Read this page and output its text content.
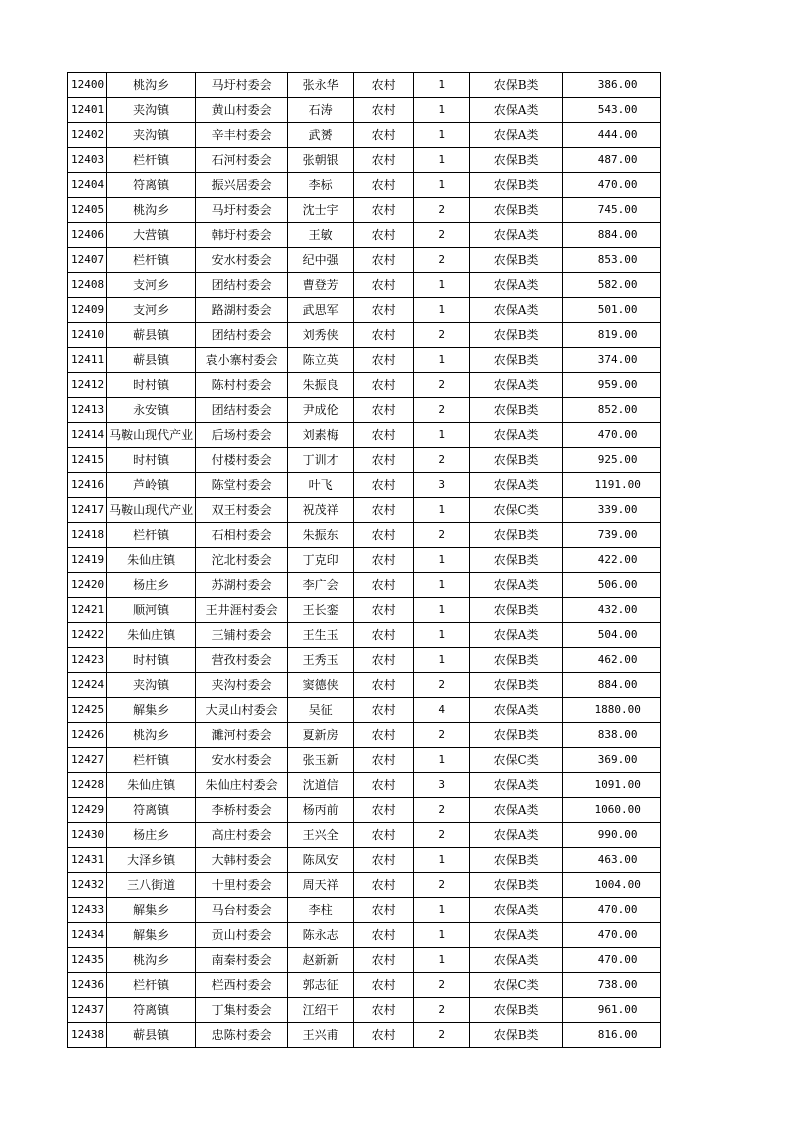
12400	桃沟乡	马圩村委会	张永华	农村	1	农保B类	386.00
12401	夹沟镇	黄山村委会	石涛	农村	1	农保A类	543.00
12402	夹沟镇	辛丰村委会	武赟	农村	1	农保A类	444.00
12403	栏杆镇	石河村委会	张朝银	农村	1	农保B类	487.00
12404	符离镇	振兴居委会	李标	农村	1	农保B类	470.00
12405	桃沟乡	马圩村委会	沈士宇	农村	2	农保B类	745.00
12406	大营镇	韩圩村委会	王敏	农村	2	农保A类	884.00
12407	栏杆镇	安水村委会	纪中强	农村	2	农保B类	853.00
12408	支河乡	团结村委会	曹登芳	农村	1	农保A类	582.00
12409	支河乡	路湖村委会	武思军	农村	1	农保A类	501.00
12410	蕲县镇	团结村委会	刘秀侠	农村	2	农保B类	819.00
12411	蕲县镇	袁小寨村委会	陈立英	农村	1	农保B类	374.00
12412	时村镇	陈村村委会	朱振良	农村	2	农保A类	959.00
12413	永安镇	团结村委会	尹成伦	农村	2	农保B类	852.00
12414	马鞍山现代产业	后场村委会	刘素梅	农村	1	农保A类	470.00
12415	时村镇	付楼村委会	丁训才	农村	2	农保B类	925.00
12416	芦岭镇	陈堂村委会	叶飞	农村	3	农保A类	1191.00
12417	马鞍山现代产业	双王村委会	祝茂祥	农村	1	农保C类	339.00
12418	栏杆镇	石相村委会	朱振东	农村	2	农保B类	739.00
12419	朱仙庄镇	沱北村委会	丁克印	农村	1	农保B类	422.00
12420	杨庄乡	苏湖村委会	李广会	农村	1	农保A类	506.00
12421	顺河镇	王井涯村委会	王长銮	农村	1	农保B类	432.00
12422	朱仙庄镇	三铺村委会	王生玉	农村	1	农保A类	504.00
12423	时村镇	营孜村委会	王秀玉	农村	1	农保B类	462.00
12424	夹沟镇	夹沟村委会	窦德侠	农村	2	农保B类	884.00
12425	解集乡	大灵山村委会	吴征	农村	4	农保A类	1880.00
12426	桃沟乡	濉河村委会	夏新房	农村	2	农保B类	838.00
12427	栏杆镇	安水村委会	张玉新	农村	1	农保C类	369.00
12428	朱仙庄镇	朱仙庄村委会	沈道信	农村	3	农保A类	1091.00
12429	符离镇	李桥村委会	杨丙前	农村	2	农保A类	1060.00
12430	杨庄乡	高庄村委会	王兴全	农村	2	农保A类	990.00
12431	大泽乡镇	大韩村委会	陈凤安	农村	1	农保B类	463.00
12432	三八街道	十里村委会	周天祥	农村	2	农保B类	1004.00
12433	解集乡	马台村委会	李柱	农村	1	农保A类	470.00
12434	解集乡	贡山村委会	陈永志	农村	1	农保A类	470.00
12435	桃沟乡	南秦村委会	赵新新	农村	1	农保A类	470.00
12436	栏杆镇	栏西村委会	郭志征	农村	2	农保C类	738.00
12437	符离镇	丁集村委会	江绍干	农村	2	农保B类	961.00
12438	蕲县镇	忠陈村委会	王兴甫	农村	2	农保B类	816.00
